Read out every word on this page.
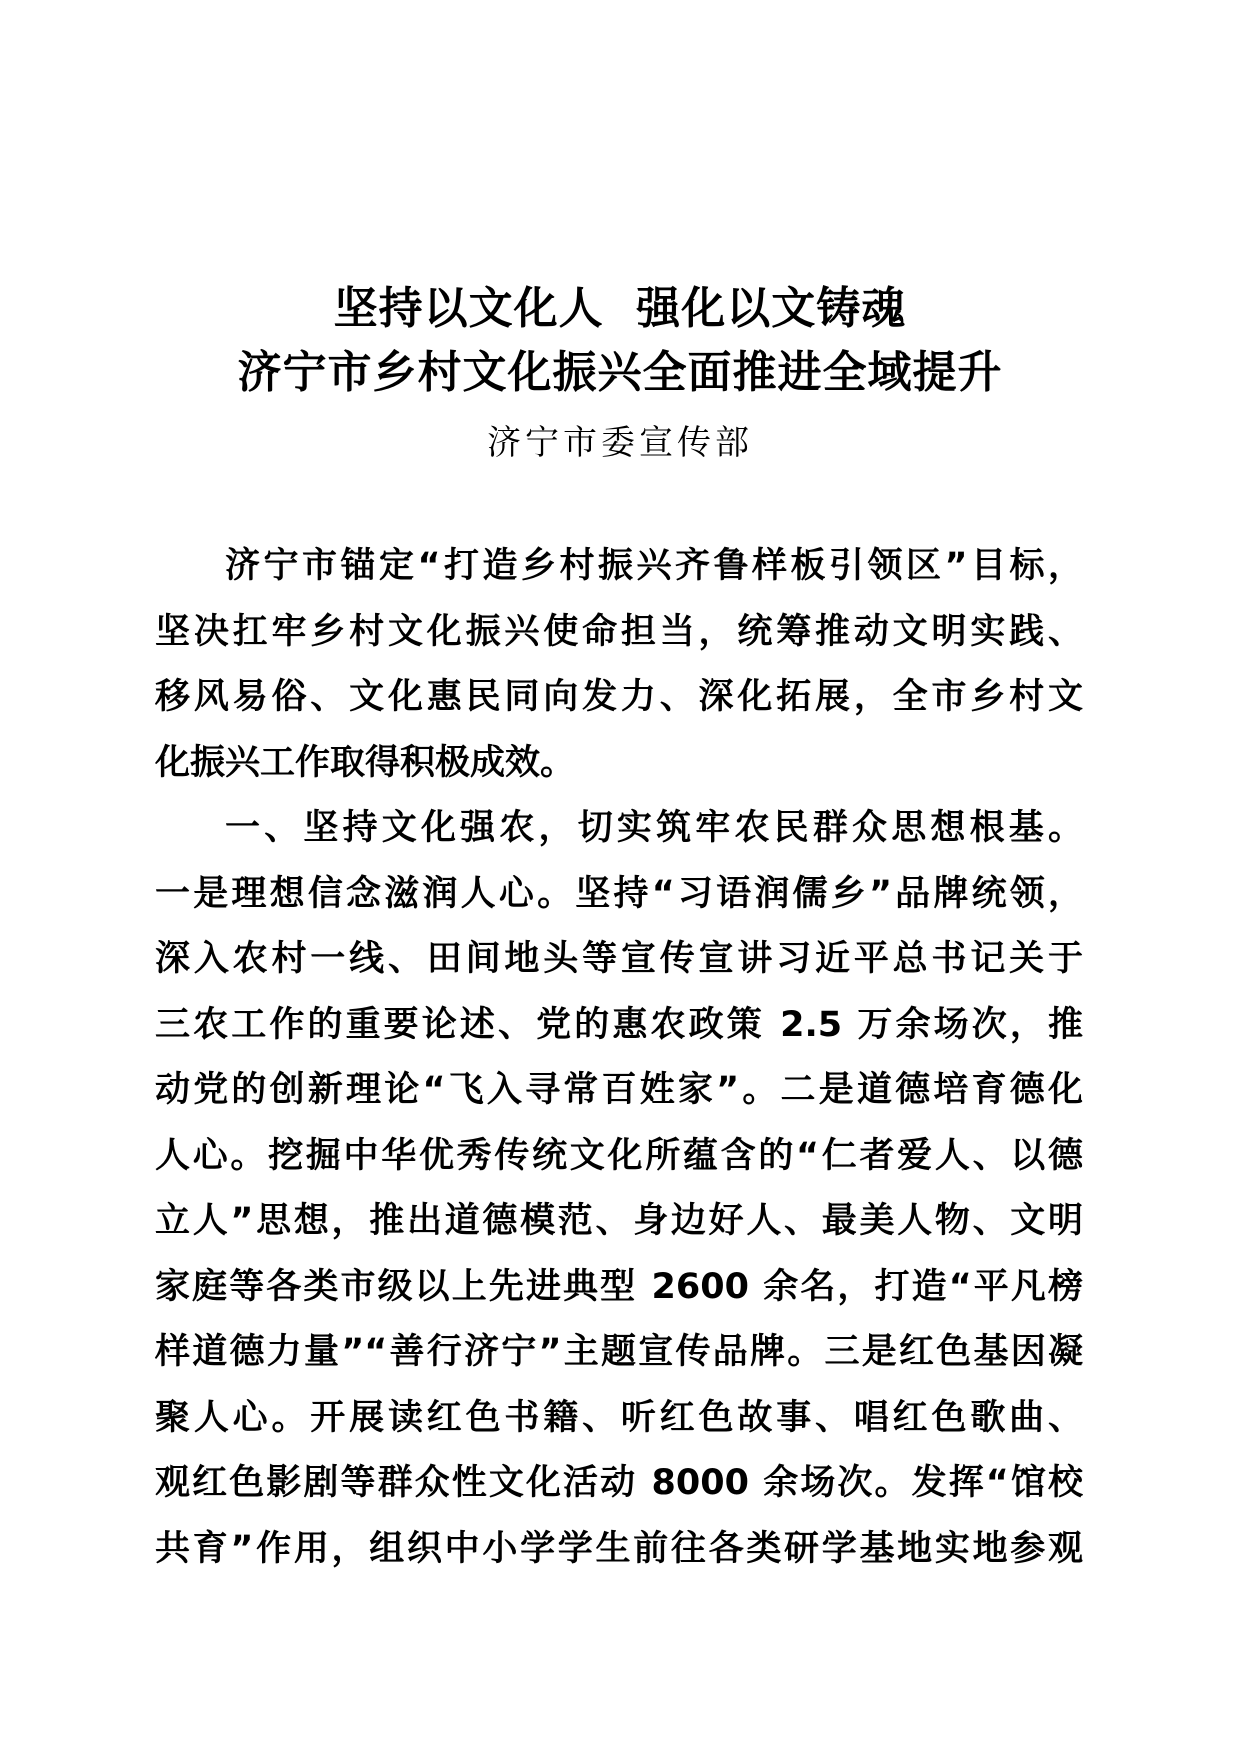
坚持以文化人  强化以文铸魂
济宁市乡村文化振兴全面推进全域提升
济宁市委宣传部
济宁市锚定“打造乡村振兴齐鲁样板引领区”目标，
坚决扛牢乡村文化振兴使命担当，统筹推动文明实践、
移风易俗、文化惠民同向发力、深化拓展，全市乡村文
化振兴工作取得积极成效。
一、坚持文化强农，切实筑牢农民群众思想根基。
一是理想信念滋润人心。坚持“习语润儒乡”品牌统领，
深入农村一线、田间地头等宣传宣讲习近平总书记关于
三农工作的重要论述、党的惠农政策 2.5 万余场次，推
动党的创新理论“飞入寻常百姓家”。二是道德培育德化
人心。挖掘中华优秀传统文化所蕴含的“仁者爱人、以德
立人”思想，推出道德模范、身边好人、最美人物、文明
家庭等各类市级以上先进典型 2600 余名，打造“平凡榜
样道德力量”“善行济宁”主题宣传品牌。三是红色基因凝
聚人心。开展读红色书籍、听红色故事、唱红色歌曲、
观红色影剧等群众性文化活动 8000 余场次。发挥“馆校
共育”作用，组织中小学学生前往各类研学基地实地参观
